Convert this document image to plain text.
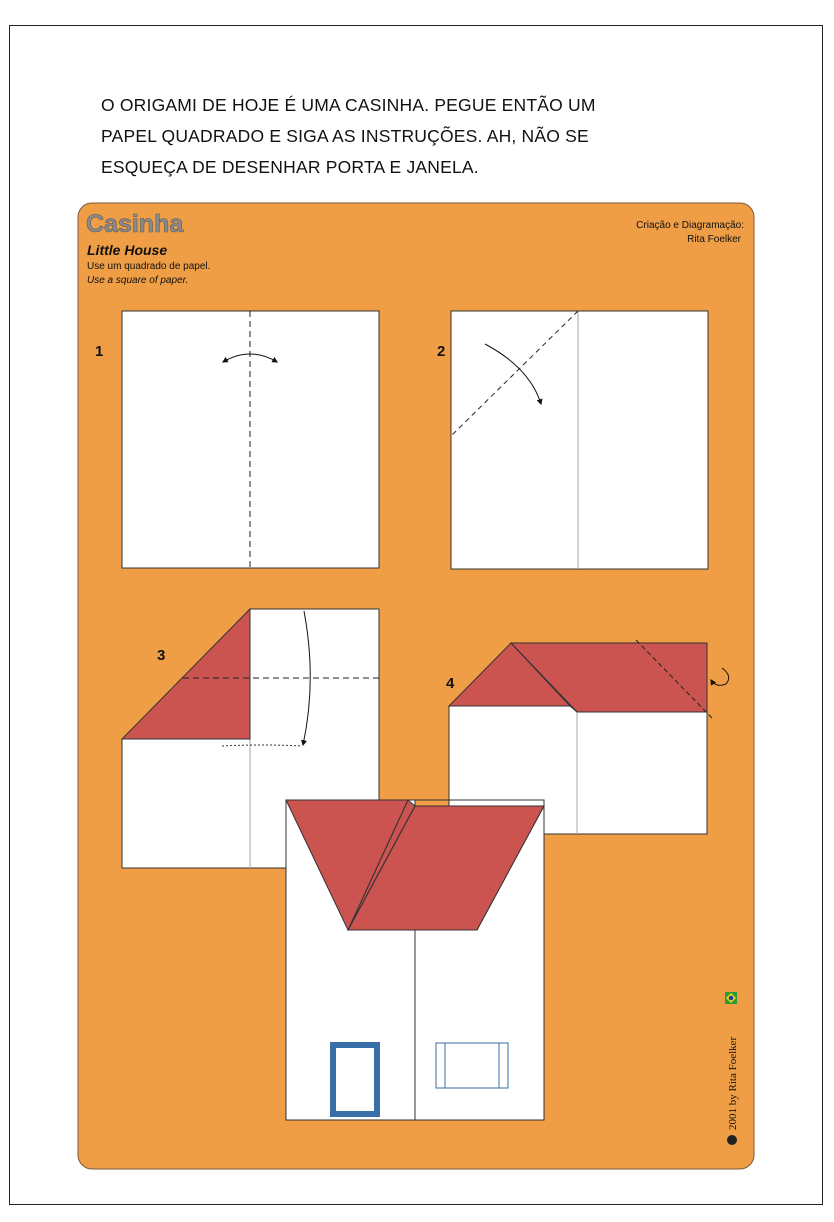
O ORIGAMI DE HOJE É UMA CASINHA. PEGUE ENTÃO UM

PAPEL QUADRADO E SIGA AS INSTRUÇÕES. AH, NÃO SE

ESQUEÇA DE DESENHAR PORTA E JANELA.

Casinha
Little House
Use um quadrado de papel.
Use a square of paper.
Criação e Diagramação:
Rita Foelker
1	2
3
4
2001 by Rita Foelker
